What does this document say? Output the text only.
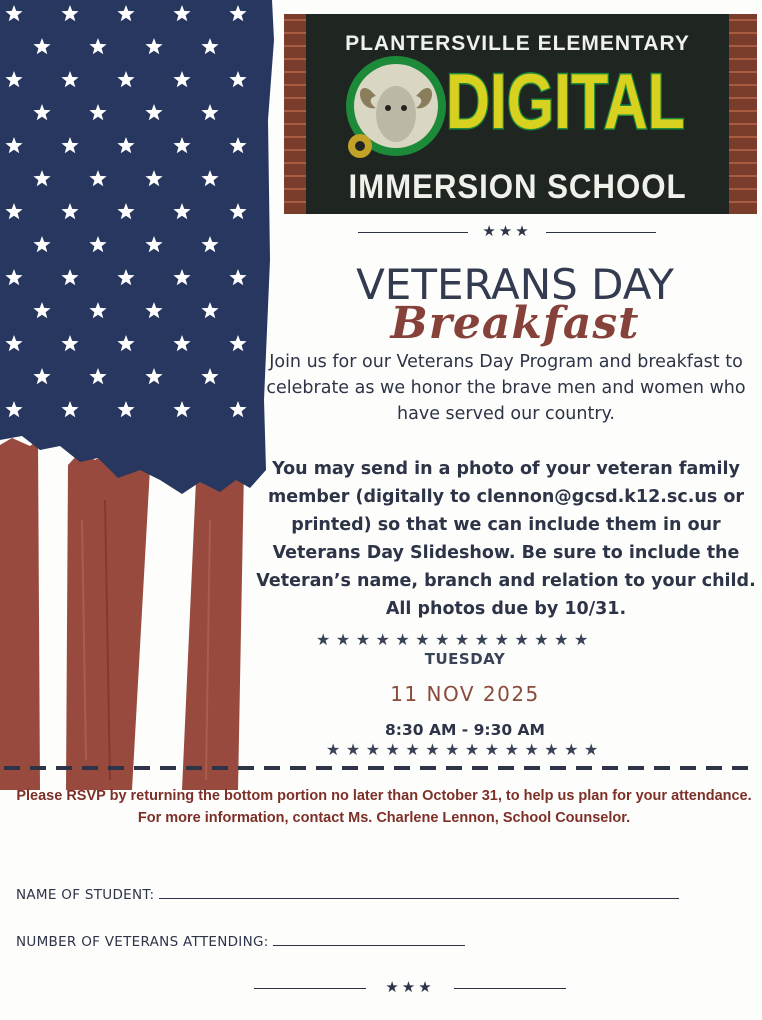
PLANTERSVILLE ELEMENTARY
DIGITAL
IMMERSION SCHOOL
★★★
VETERANS DAY
Breakfast
Join us for our Veterans Day Program and breakfast to celebrate as we honor the brave men and women who have served our country.
You may send in a photo of your veteran family member (digitally to clennon@gcsd.k12.sc.us or printed) so that we can include them in our Veterans Day Slideshow. Be sure to include the Veteran’s name, branch and relation to your child. All photos due by 10/31.
★★★★★★★★★★★★★★
TUESDAY
11 NOV 2025
8:30 AM - 9:30 AM
★★★★★★★★★★★★★★
Please RSVP by returning the bottom portion no later than October 31, to help us plan for your attendance. For more information, contact Ms. Charlene Lennon, School Counselor.
NAME OF STUDENT:
NUMBER OF VETERANS ATTENDING:
★★★
